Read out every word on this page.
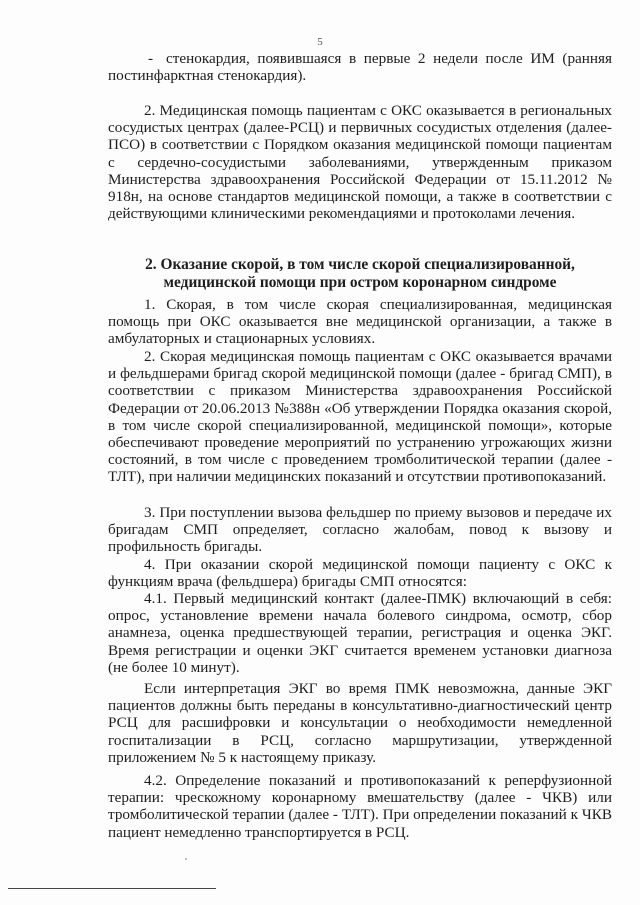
5
- стенокардия, появившаяся в первые 2 недели после ИМ (ранняя постинфарктная стенокардия).
2. Медицинская помощь пациентам с ОКС оказывается в региональных сосудистых центрах (далее-РСЦ) и первичных сосудистых отделения (далее-ПСО) в соответствии с Порядком оказания медицинской помощи пациентам с сердечно-сосудистыми заболеваниями, утвержденным приказом Министерства здравоохранения Российской Федерации от 15.11.2012 № 918н, на основе стандартов медицинской помощи, а также в соответствии с действующими клиническими рекомендациями и протоколами лечения.
2. Оказание скорой, в том числе скорой специализированной, медицинской помощи при остром коронарном синдроме
1. Скорая, в том числе скорая специализированная, медицинская помощь при ОКС оказывается вне медицинской организации, а также в амбулаторных и стационарных условиях.
2. Скорая медицинская помощь пациентам с ОКС оказывается врачами и фельдшерами бригад скорой медицинской помощи (далее - бригад СМП), в соответствии с приказом Министерства здравоохранения Российской Федерации от 20.06.2013 №388н «Об утверждении Порядка оказания скорой, в том числе скорой специализированной, медицинской помощи», которые обеспечивают проведение мероприятий по устранению угрожающих жизни состояний, в том числе с проведением тромболитической терапии (далее - ТЛТ), при наличии медицинских показаний и отсутствии противопоказаний.
3. При поступлении вызова фельдшер по приему вызовов и передаче их бригадам СМП определяет, согласно жалобам, повод к вызову и профильность бригады.
4. При оказании скорой медицинской помощи пациенту с ОКС к функциям врача (фельдшера) бригады СМП относятся:
4.1. Первый медицинский контакт (далее-ПМК) включающий в себя: опрос, установление времени начала болевого синдрома, осмотр, сбор анамнеза, оценка предшествующей терапии, регистрация и оценка ЭКГ. Время регистрации и оценки ЭКГ считается временем установки диагноза (не более 10 минут).
Если интерпретация ЭКГ во время ПМК невозможна, данные ЭКГ пациентов должны быть переданы в консультативно-диагностический центр РСЦ для расшифровки и консультации о необходимости немедленной госпитализации в РСЦ, согласно маршрутизации, утвержденной приложением № 5 к настоящему приказу.
4.2. Определение показаний и противопоказаний к реперфузионной терапии: чрескожному коронарному вмешательству (далее - ЧКВ) или тромболитической терапии (далее - ТЛТ). При определении показаний к ЧКВ пациент немедленно транспортируется в РСЦ.
